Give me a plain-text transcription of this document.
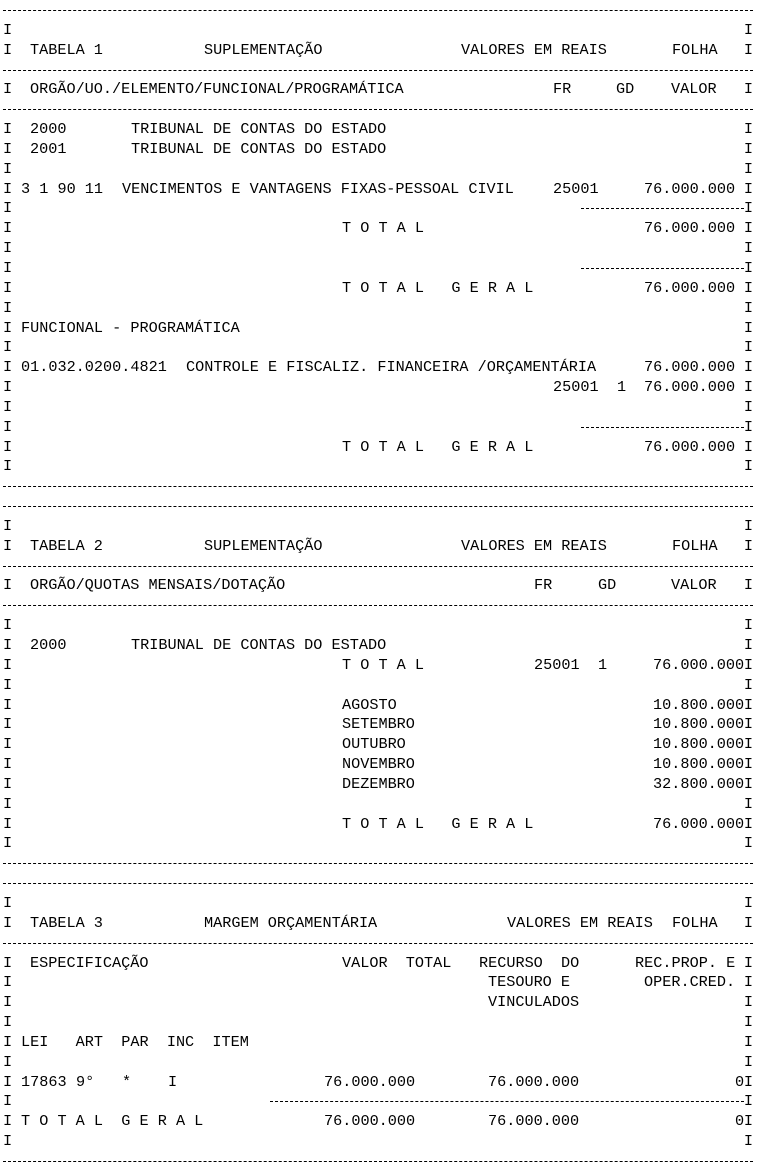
I	I
I TABELA 1	SUPLEMENTAÇÃO	VALORES EM REAIS	FOLHA I
I ORGÃO/UO./ELEMENTO/FUNCIONAL/PROGRAMÁTICA	FR	GD VALOR I
I 2000	TRIBUNAL DE CONTAS DO ESTADO	I
I 2001	TRIBUNAL DE CONTAS DO ESTADO	I
I	I
I 3 1 90 11 VENCIMENTOS E VANTAGENS FIXAS-PESSOAL CIVIL	25001	76.000.000 I
I	I
I	T O T A L	76.000.000 I
I	I
I	I
I	T O T A L   G E R A L	76.000.000 I
I	I
I FUNCIONAL - PROGRAMÁTICA	I
I	I
I 01.032.0200.4821 CONTROLE E FISCALIZ. FINANCEIRA /ORÇAMENTÁRIA	76.000.000 I
I	25001 1 76.000.000 I
I	I
I	I
I	T O T A L   G E R A L	76.000.000 I
I	I
I	I
I TABELA 2	SUPLEMENTAÇÃO	VALORES EM REAIS	FOLHA I
I ORGÃO/QUOTAS MENSAIS/DOTAÇÃO	FR	GD	VALOR I
I	I
I 2000	TRIBUNAL DE CONTAS DO ESTADO	I
I	T O T A L	25001 1	76.000.000 I
I	I
I	AGOSTO	10.800.000 I
I	SETEMBRO	10.800.000 I
I	OUTUBRO	10.800.000 I
I	NOVEMBRO	10.800.000 I
I	DEZEMBRO	32.800.000 I
I	I
I	T O T A L   G E R A L	76.000.000 I
I	I
I	I
I TABELA 3	MARGEM ORÇAMENTÁRIA	VALORES EM REAIS FOLHA I
I ESPECIFICAÇÃO	VALOR  TOTAL RECURSO  DO	REC.PROP. E I
I	TESOURO E	OPER.CRED. I
I	VINCULADOS	I
I	I
I LEI   ART  PAR  INC  ITEM	I
I	I
I 17863 9° * I	76.000.000	76.000.000	0 I
I	I
I T O T A L  G E R A L	76.000.000	76.000.000	0 I
I	I
